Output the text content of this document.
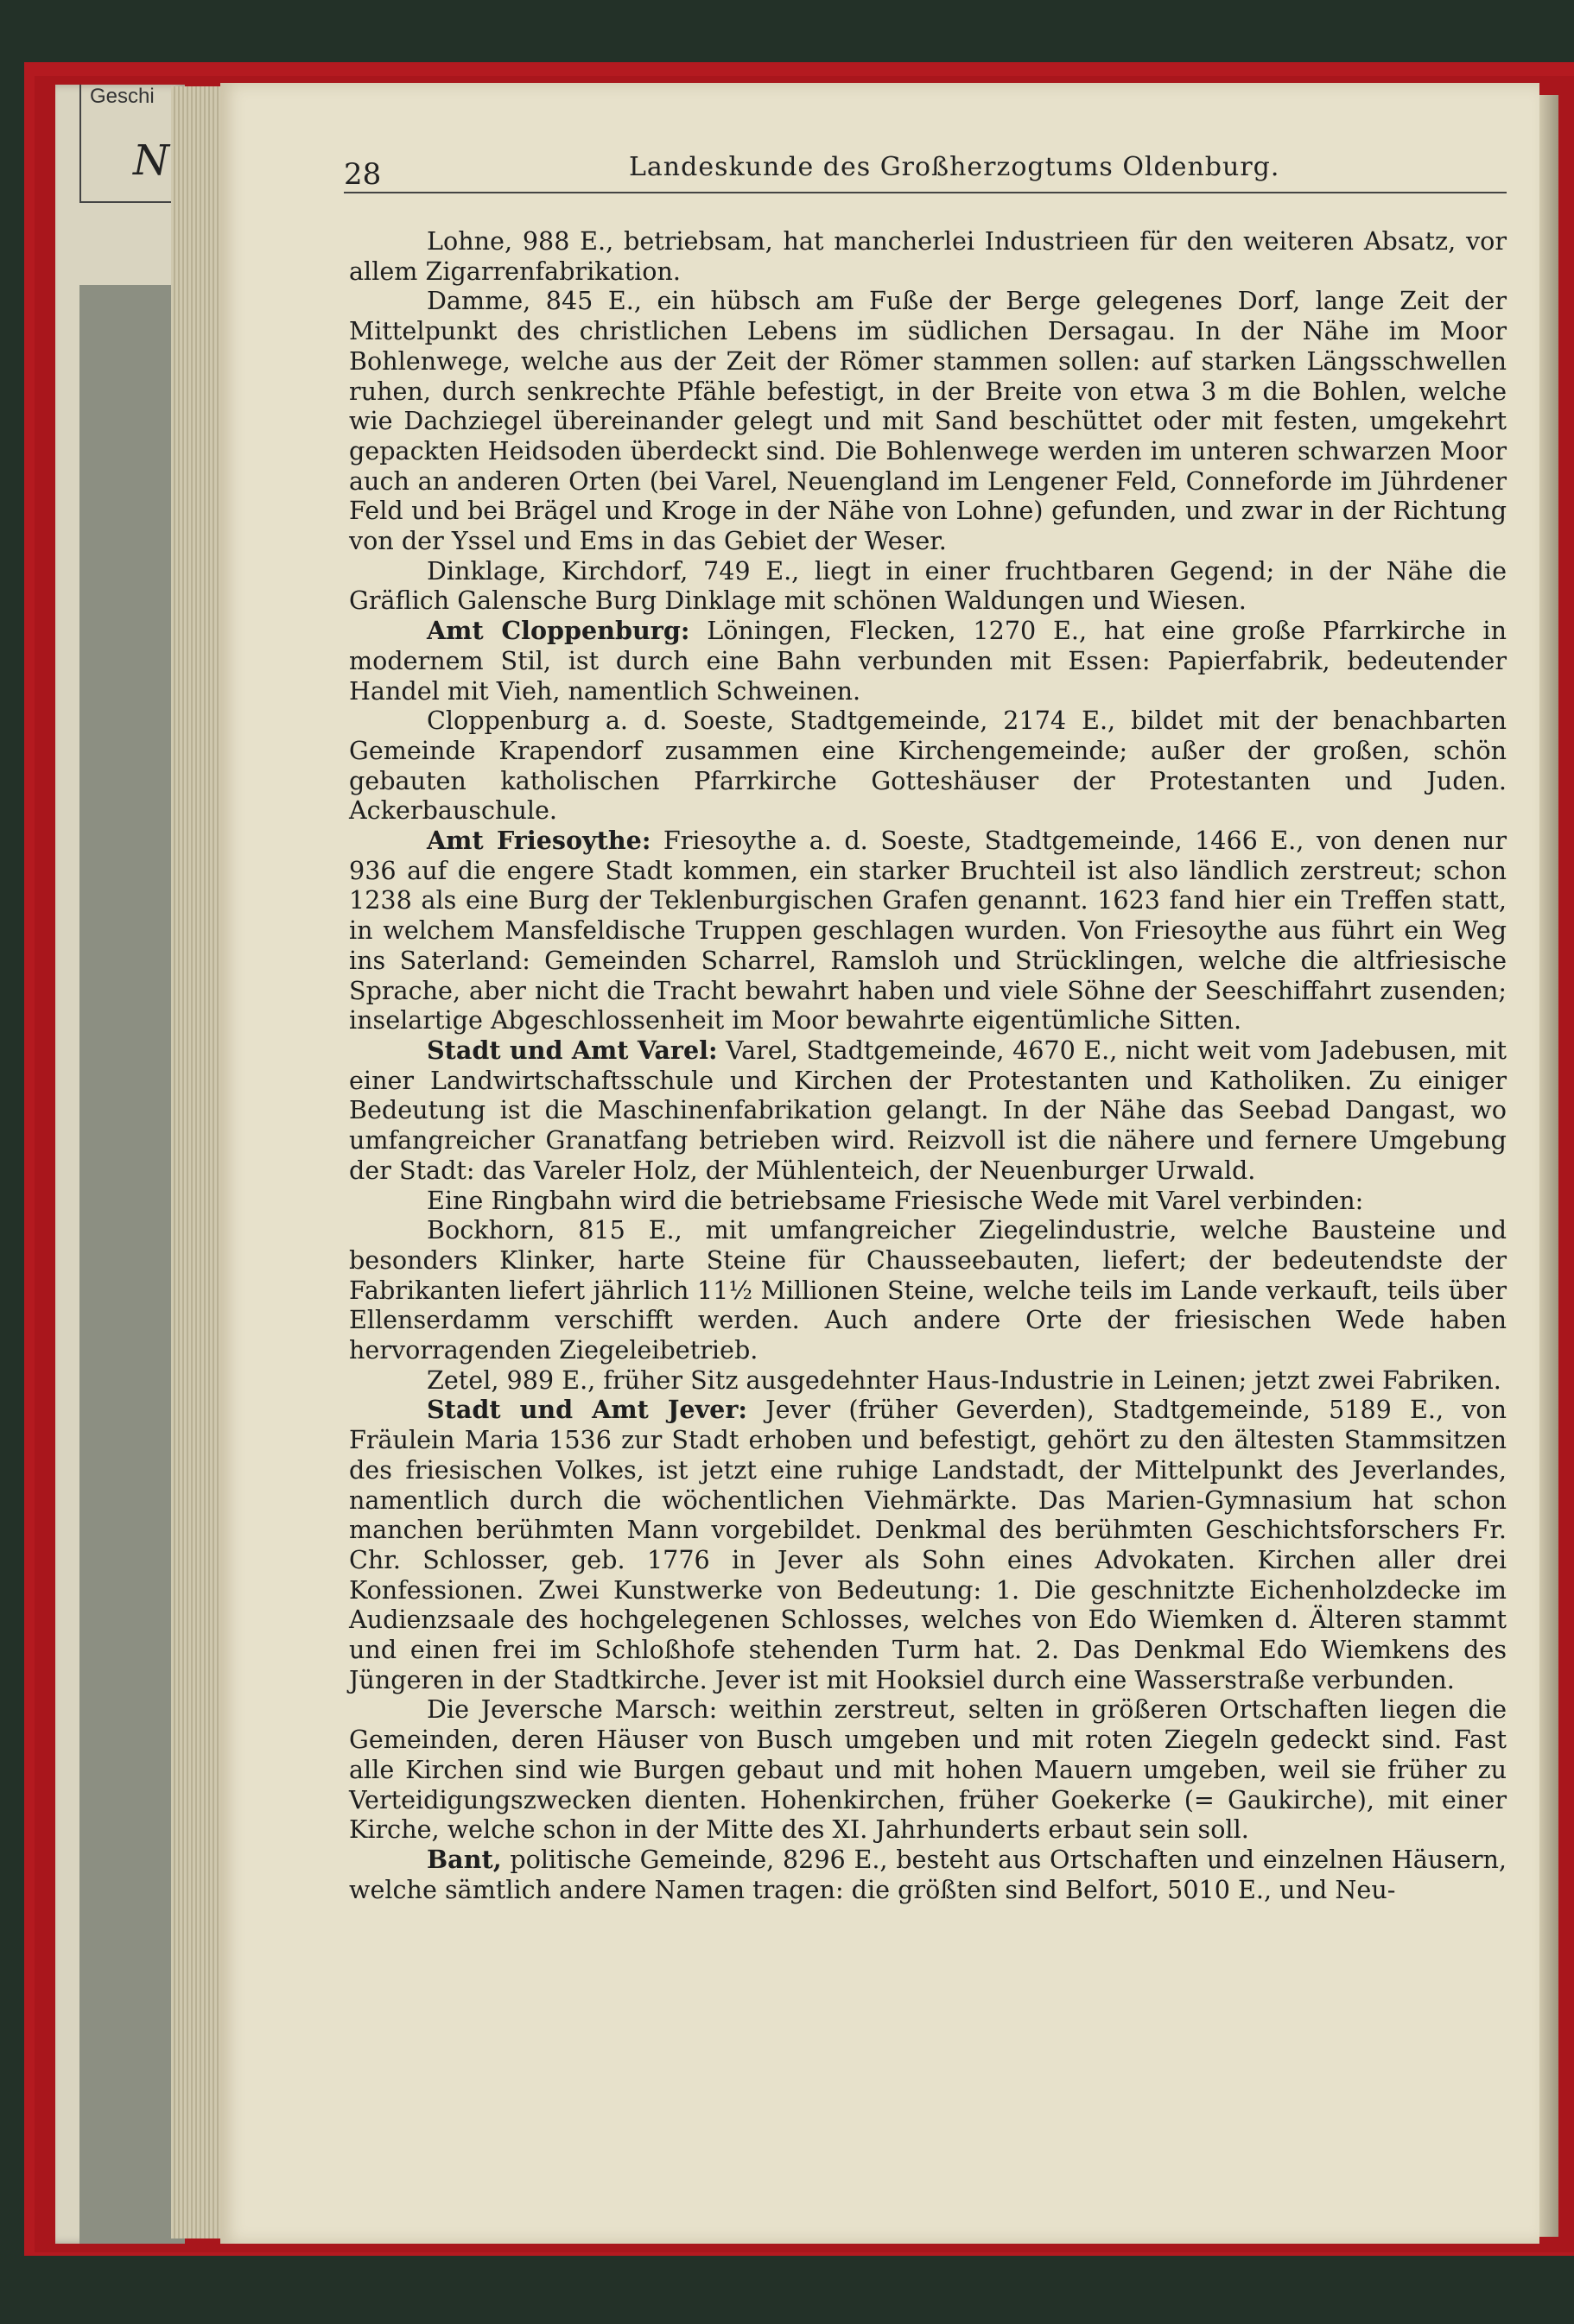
Geschi
N	28	Landeskunde des Großherzogtums Oldenburg.

Lohne, 988 E., betriebsam, hat mancherlei Industrieen für den weiteren Absatz, vor allem Zigarrenfabrikation.

Damme, 845 E., ein hübsch am Fuße der Berge gelegenes Dorf, lange Zeit der Mittelpunkt des christlichen Lebens im südlichen Dersagau. In der Nähe im Moor Bohlenwege, welche aus der Zeit der Römer stammen sollen: auf starken Längsschwellen ruhen, durch senkrechte Pfähle befestigt, in der Breite von etwa 3 m die Bohlen, welche wie Dachziegel übereinander gelegt und mit Sand beschüttet oder mit festen, umgekehrt gepackten Heidsoden überdeckt sind. Die Bohlenwege werden im unteren schwarzen Moor auch an anderen Orten (bei Varel, Neuengland im Lengener Feld, Conneforde im Jührdener Feld und bei Brägel und Kroge in der Nähe von Lohne) gefunden, und zwar in der Richtung von der Yssel und Ems in das Gebiet der Weser.

Dinklage, Kirchdorf, 749 E., liegt in einer fruchtbaren Gegend; in der Nähe die Gräflich Galensche Burg Dinklage mit schönen Waldungen und Wiesen.

Amt Cloppenburg: Löningen, Flecken, 1270 E., hat eine große Pfarrkirche in modernem Stil, ist durch eine Bahn verbunden mit Essen: Papierfabrik, bedeutender Handel mit Vieh, namentlich Schweinen.

Cloppenburg a. d. Soeste, Stadtgemeinde, 2174 E., bildet mit der benachbarten Gemeinde Krapendorf zusammen eine Kirchengemeinde; außer der großen, schön gebauten katholischen Pfarrkirche Gotteshäuser der Protestanten und Juden. Ackerbauschule.

Amt Friesoythe: Friesoythe a. d. Soeste, Stadtgemeinde, 1466 E., von denen nur 936 auf die engere Stadt kommen, ein starker Bruchteil ist also ländlich zerstreut; schon 1238 als eine Burg der Teklenburgischen Grafen genannt. 1623 fand hier ein Treffen statt, in welchem Mansfeldische Truppen geschlagen wurden. Von Friesoythe aus führt ein Weg ins Saterland: Gemeinden Scharrel, Ramsloh und Strücklingen, welche die altfriesische Sprache, aber nicht die Tracht bewahrt haben und viele Söhne der Seeschiffahrt zusenden; inselartige Abgeschlossenheit im Moor bewahrte eigentümliche Sitten.

Stadt und Amt Varel: Varel, Stadtgemeinde, 4670 E., nicht weit vom Jadebusen, mit einer Landwirtschaftsschule und Kirchen der Protestanten und Katholiken. Zu einiger Bedeutung ist die Maschinenfabrikation gelangt. In der Nähe das Seebad Dangast, wo umfangreicher Granatfang betrieben wird. Reizvoll ist die nähere und fernere Umgebung der Stadt: das Vareler Holz, der Mühlenteich, der Neuenburger Urwald.

Eine Ringbahn wird die betriebsame Friesische Wede mit Varel verbinden:

Bockhorn, 815 E., mit umfangreicher Ziegelindustrie, welche Bausteine und besonders Klinker, harte Steine für Chausseebauten, liefert; der bedeutendste der Fabrikanten liefert jährlich 11½ Millionen Steine, welche teils im Lande verkauft, teils über Ellenserdamm verschifft werden. Auch andere Orte der friesischen Wede haben hervorragenden Ziegeleibetrieb.

Zetel, 989 E., früher Sitz ausgedehnter Haus-Industrie in Leinen; jetzt zwei Fabriken.

Stadt und Amt Jever: Jever (früher Geverden), Stadtgemeinde, 5189 E., von Fräulein Maria 1536 zur Stadt erhoben und befestigt, gehört zu den ältesten Stammsitzen des friesischen Volkes, ist jetzt eine ruhige Landstadt, der Mittelpunkt des Jeverlandes, namentlich durch die wöchentlichen Viehmärkte. Das Marien-Gymnasium hat schon manchen berühmten Mann vorgebildet. Denkmal des berühmten Geschichtsforschers Fr. Chr. Schlosser, geb. 1776 in Jever als Sohn eines Advokaten. Kirchen aller drei Konfessionen. Zwei Kunstwerke von Bedeutung: 1. Die geschnitzte Eichenholzdecke im Audienzsaale des hochgelegenen Schlosses, welches von Edo Wiemken d. Älteren stammt und einen frei im Schloßhofe stehenden Turm hat. 2. Das Denkmal Edo Wiemkens des Jüngeren in der Stadtkirche. Jever ist mit Hooksiel durch eine Wasserstraße verbunden.

Die Jeversche Marsch: weithin zerstreut, selten in größeren Ortschaften liegen die Gemeinden, deren Häuser von Busch umgeben und mit roten Ziegeln gedeckt sind. Fast alle Kirchen sind wie Burgen gebaut und mit hohen Mauern umgeben, weil sie früher zu Verteidigungszwecken dienten. Hohenkirchen, früher Goekerke (= Gaukirche), mit einer Kirche, welche schon in der Mitte des XI. Jahrhunderts erbaut sein soll.

Bant, politische Gemeinde, 8296 E., besteht aus Ortschaften und einzelnen Häusern, welche sämtlich andere Namen tragen: die größten sind Belfort, 5010 E., und Neu-
